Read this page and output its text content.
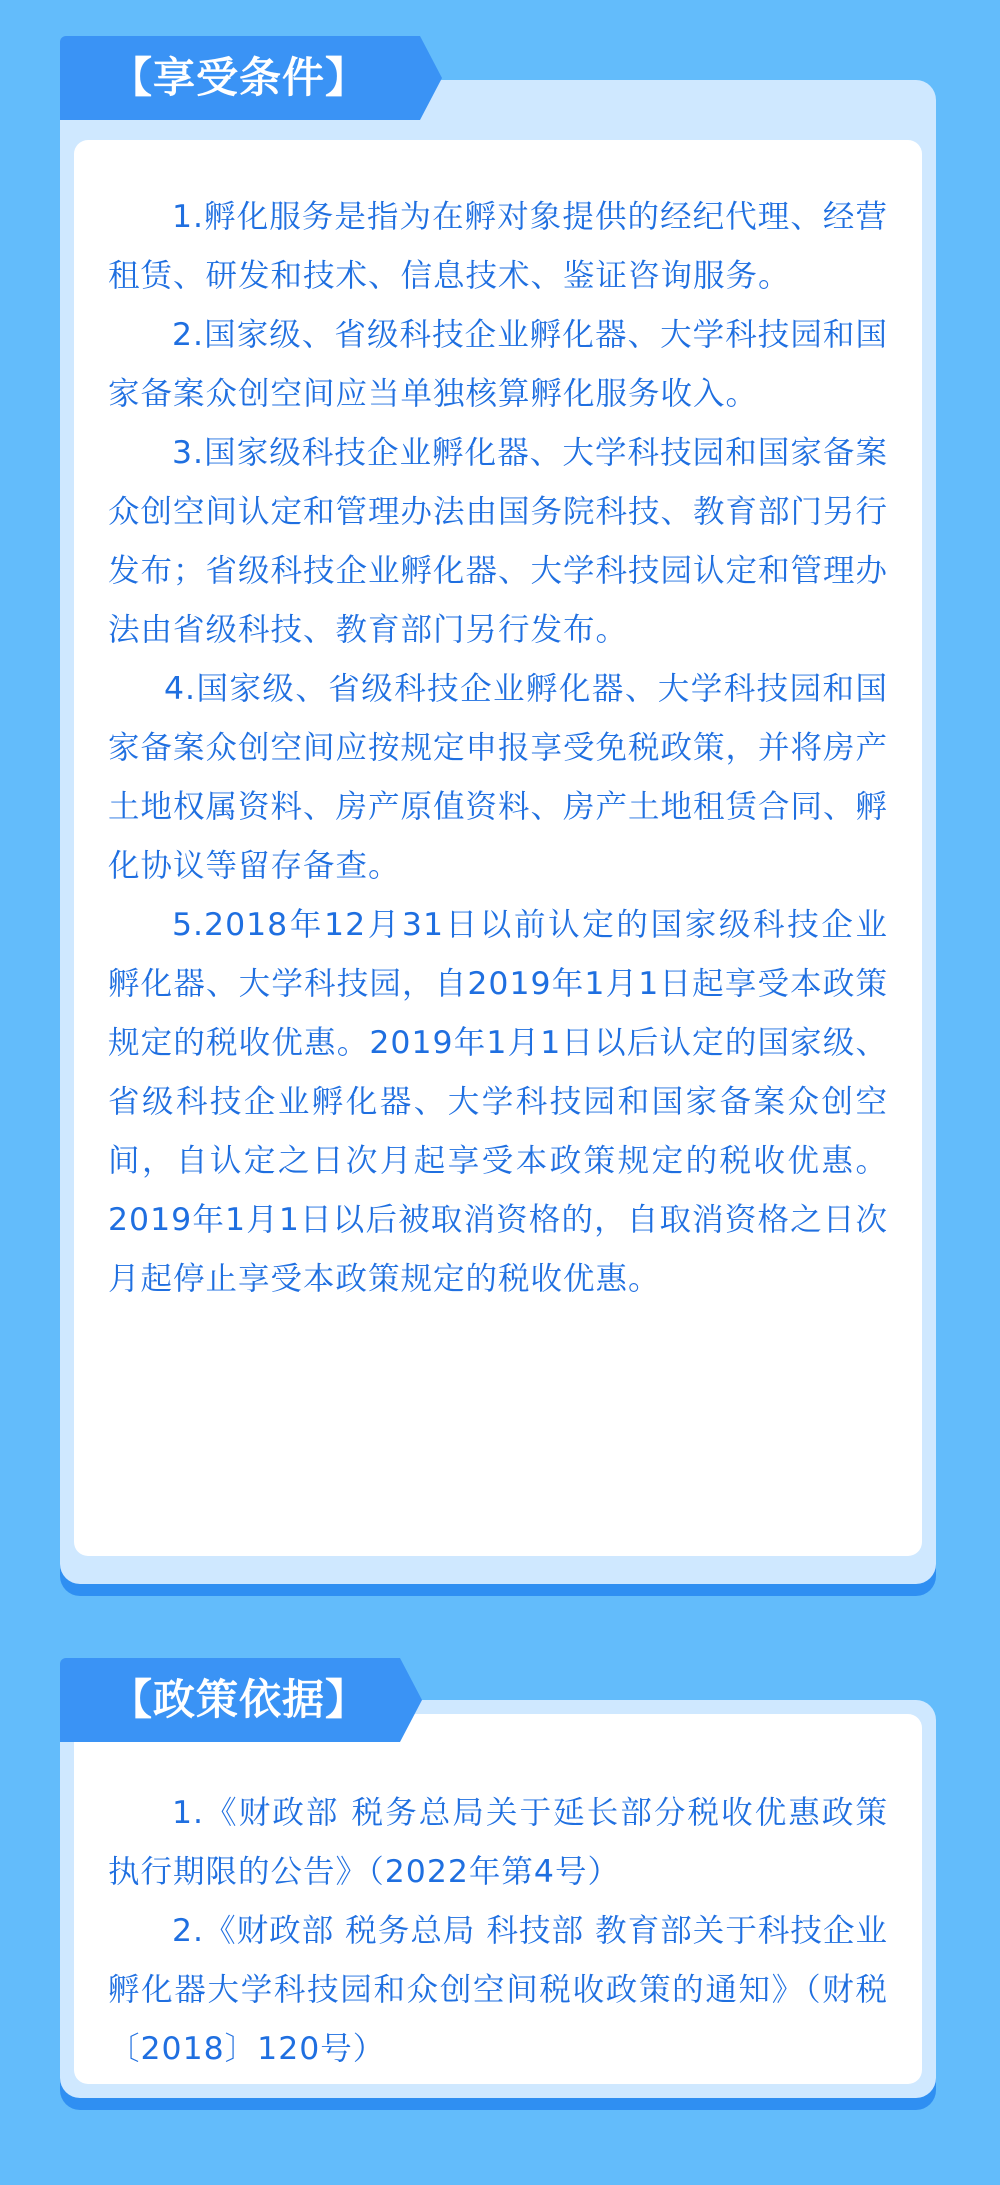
1.孵化服务是指为在孵对象提供的经纪代理、经营租赁、研发和技术、信息技术、鉴证咨询服务。

2.国家级、省级科技企业孵化器、大学科技园和国家备案众创空间应当单独核算孵化服务收入。

3.国家级科技企业孵化器、大学科技园和国家备案众创空间认定和管理办法由国务院科技、教育部门另行发布；省级科技企业孵化器、大学科技园认定和管理办法由省级科技、教育部门另行发布。

4.国家级、省级科技企业孵化器、大学科技园和国家备案众创空间应按规定申报享受免税政策，并将房产土地权属资料、房产原值资料、房产土地租赁合同、孵化协议等留存备查。

5.2018年12月31日以前认定的国家级科技企业孵化器、大学科技园，自2019年1月1日起享受本政策规定的税收优惠。2019年1月1日以后认定的国家级、省级科技企业孵化器、大学科技园和国家备案众创空间，自认定之日次月起享受本政策规定的税收优惠。2019年1月1日以后被取消资格的，自取消资格之日次月起停止享受本政策规定的税收优惠。

【享受条件】

1.《财政部 税务总局关于延长部分税收优惠政策执行期限的公告》（2022年第4号）

2.《财政部 税务总局 科技部 教育部关于科技企业孵化器大学科技园和众创空间税收政策的通知》（财税〔2018〕120号）

【政策依据】
